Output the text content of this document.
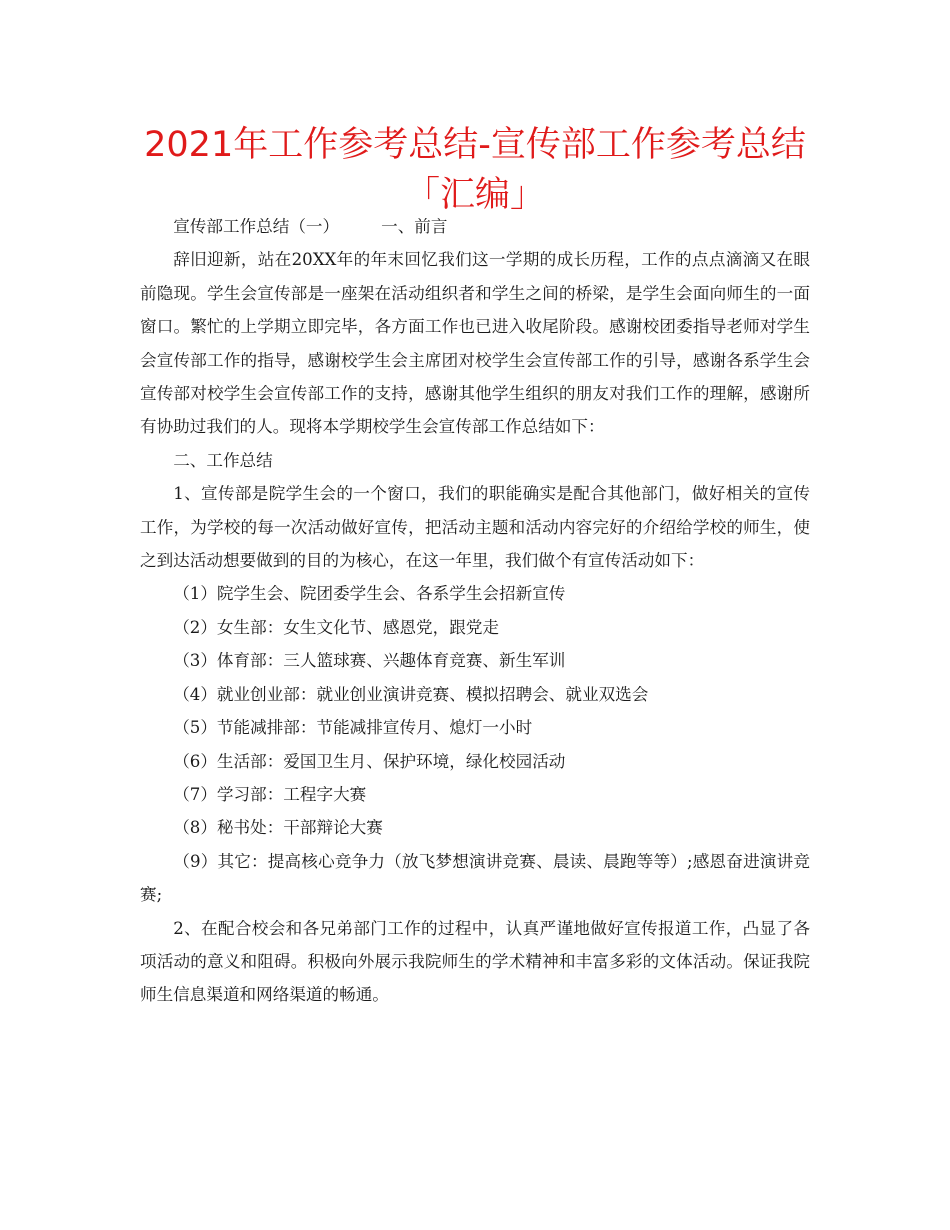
2021年工作参考总结-宣传部工作参考总结「汇编」

宣传部工作总结（一）	一、前言

辞旧迎新，站在20XX年的年末回忆我们这一学期的成长历程，工作的点点滴滴又在眼前隐现。学生会宣传部是一座架在活动组织者和学生之间的桥梁，是学生会面向师生的一面窗口。繁忙的上学期立即完毕，各方面工作也已进入收尾阶段。感谢校团委指导老师对学生会宣传部工作的指导，感谢校学生会主席团对校学生会宣传部工作的引导，感谢各系学生会宣传部对校学生会宣传部工作的支持，感谢其他学生组织的朋友对我们工作的理解，感谢所有协助过我们的人。现将本学期校学生会宣传部工作总结如下：

二、工作总结

1、宣传部是院学生会的一个窗口，我们的职能确实是配合其他部门，做好相关的宣传工作，为学校的每一次活动做好宣传，把活动主题和活动内容完好的介绍给学校的师生，使之到达活动想要做到的目的为核心，在这一年里，我们做个有宣传活动如下：

（1）院学生会、院团委学生会、各系学生会招新宣传

（2）女生部：女生文化节、感恩党，跟党走

（3）体育部：三人篮球赛、兴趣体育竞赛、新生军训

（4）就业创业部：就业创业演讲竞赛、模拟招聘会、就业双选会

（5）节能减排部：节能减排宣传月、熄灯一小时

（6）生活部：爱国卫生月、保护环境，绿化校园活动

（7）学习部：工程字大赛

（8）秘书处：干部辩论大赛

（9）其它：提高核心竞争力（放飞梦想演讲竞赛、晨读、晨跑等等）;感恩奋进演讲竞赛;

2、在配合校会和各兄弟部门工作的过程中，认真严谨地做好宣传报道工作，凸显了各项活动的意义和阻碍。积极向外展示我院师生的学术精神和丰富多彩的文体活动。保证我院师生信息渠道和网络渠道的畅通。
